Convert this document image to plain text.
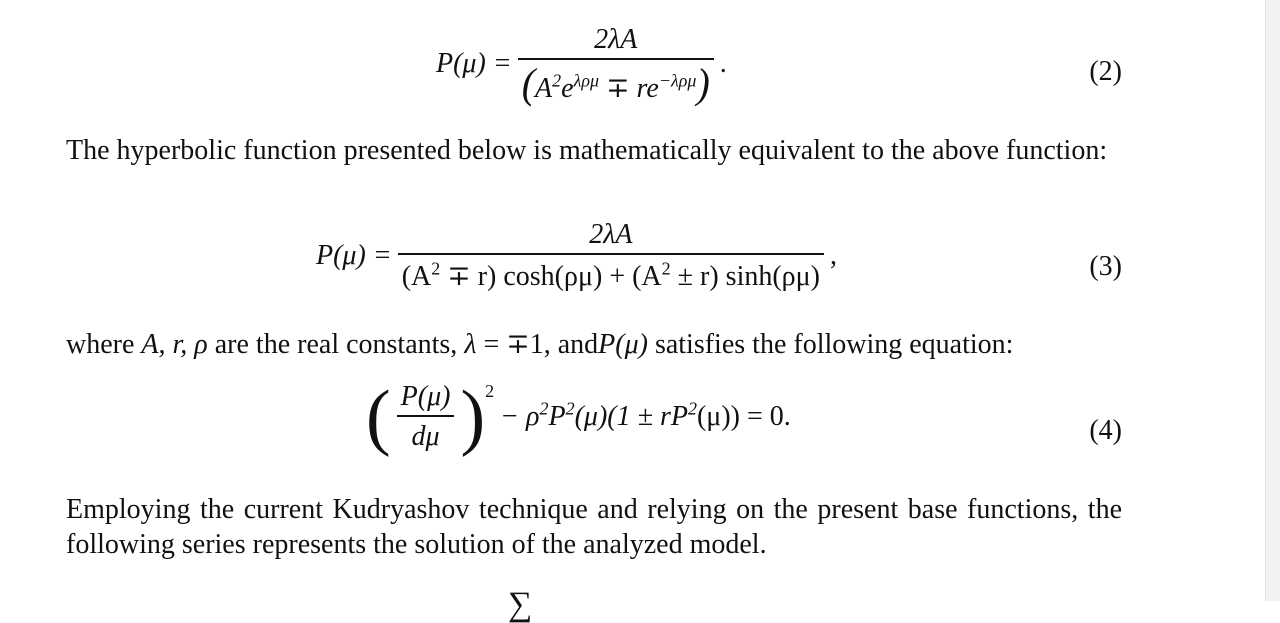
$P(\mu) = \frac{2\lambda A}{(A^2e^{\lambda\rho\mu} \mp re^{-\lambda\rho\mu})}$ .	(2)

The hyperbolic function presented below is mathematically equivalent to the above function:

$P(\mu) = \frac{2\lambda A}{(A^2 \mp r) \cosh(\rho\mu) + (A^2 \pm r) \sinh(\rho\mu)}$ ,	(3)

where A, r, ρ are the real constants, λ = ∓1, andP(μ) satisfies the following equation:

( $\frac{P(\mu)}{d\mu} )^2$
− $\rho^2P^2(\mu)(1 \pm rP^2(\mu)) = 0$.	(4)

Employing the current Kudryashov technique and relying on the present base functions, the following series represents the solution of the analyzed model.

∑
